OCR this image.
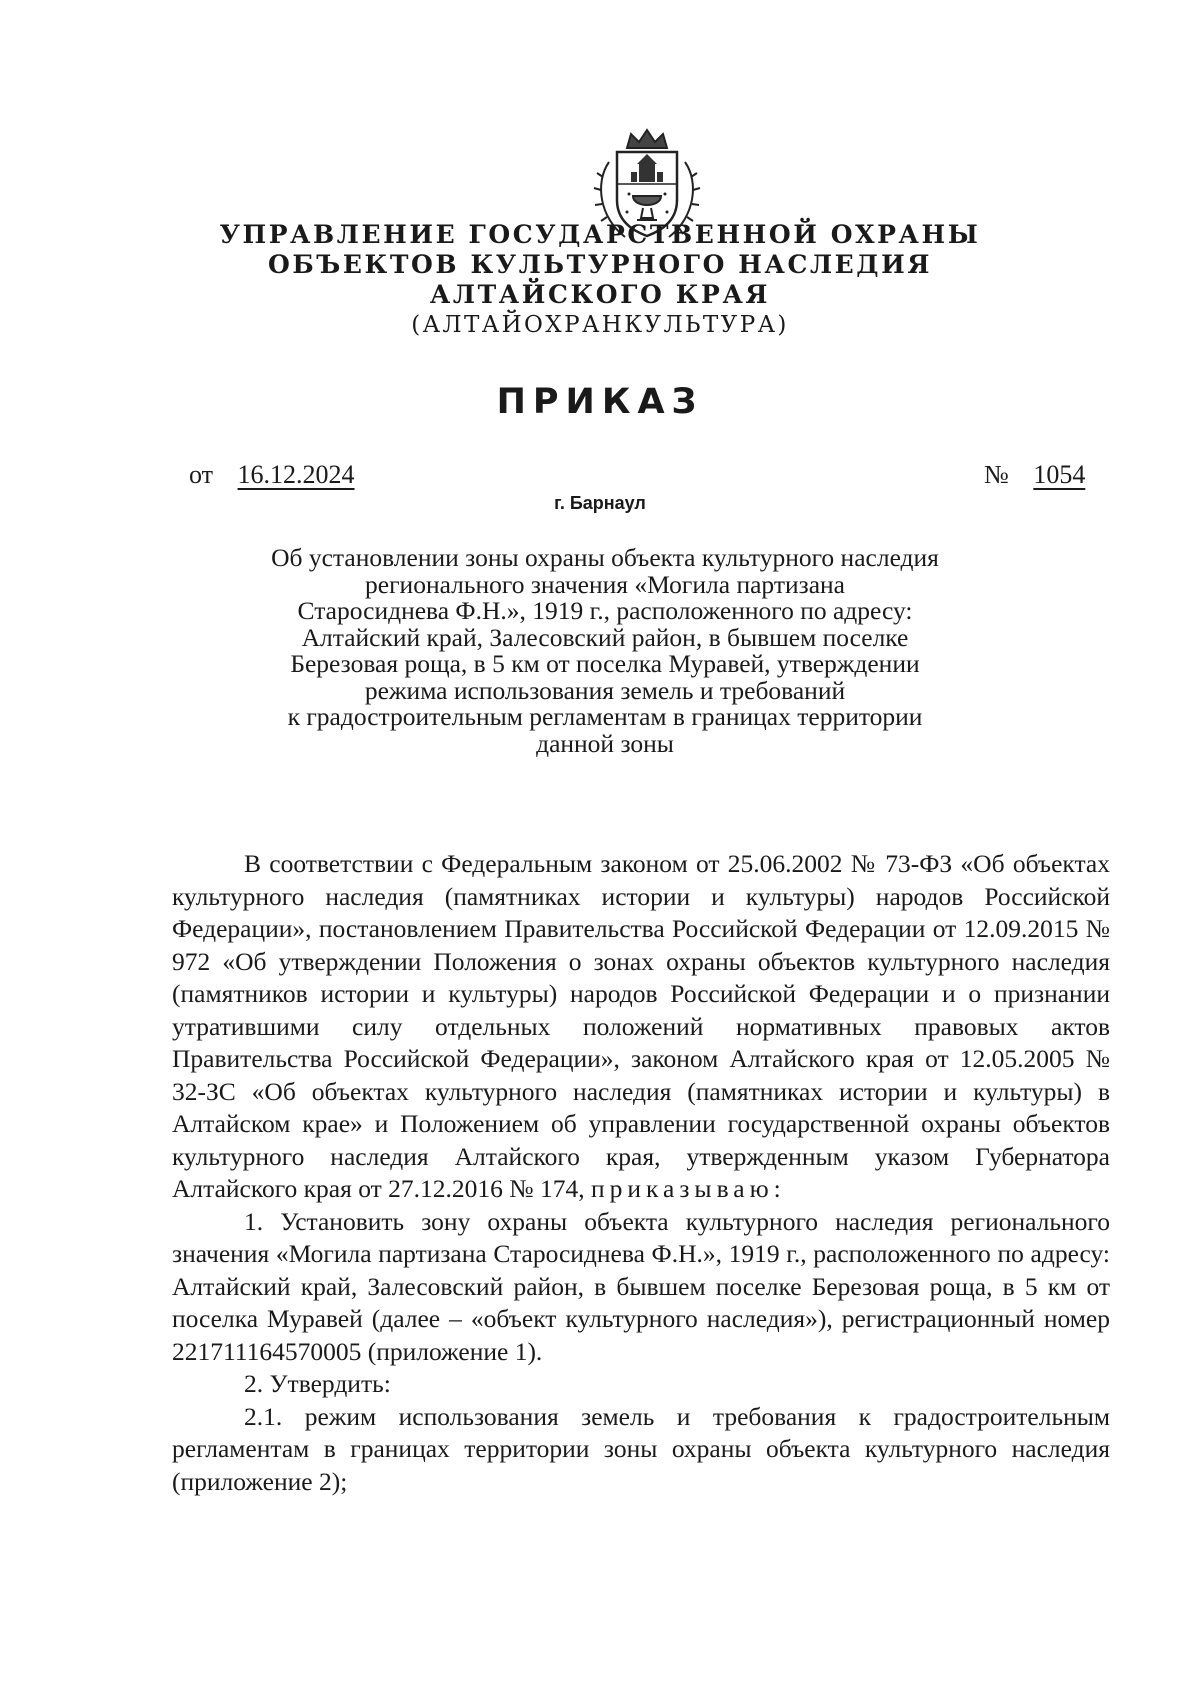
УПРАВЛЕНИЕ ГОСУДАРСТВЕННОЙ ОХРАНЫ
ОБЪЕКТОВ КУЛЬТУРНОГО НАСЛЕДИЯ
АЛТАЙСКОГО КРАЯ
(АЛТАЙОХРАНКУЛЬТУРА)
ПРИКАЗ
от 16.12.2024	№ 1054
г. Барнаул
Об установлении зоны охраны объекта культурного наследия
регионального значения «Могила партизана
Старосиднева Ф.Н.», 1919 г., расположенного по адресу:
Алтайский край, Залесовский район, в бывшем поселке
Березовая роща, в 5 км от поселка Муравей, утверждении
режима использования земель и требований
к градостроительным регламентам в границах территории
данной зоны

В соответствии с Федеральным законом от 25.06.2002 № 73-ФЗ «Об объектах культурного наследия (памятниках истории и культуры) народов Российской Федерации», постановлением Правительства Российской Федерации от 12.09.2015 № 972 «Об утверждении Положения о зонах охраны объектов культурного наследия (памятников истории и культуры) народов Российской Федерации и о признании утратившими силу отдельных положений нормативных правовых актов Правительства Российской Федерации», законом Алтайского края от 12.05.2005 № 32-ЗС «Об объектах культурного наследия (памятниках истории и культуры) в Алтайском крае» и Положением об управлении государственной охраны объектов культурного наследия Алтайского края, утвержденным указом Губернатора Алтайского края от 27.12.2016 № 174, приказываю:

1. Установить зону охраны объекта культурного наследия регионального значения «Могила партизана Старосиднева Ф.Н.», 1919 г., расположенного по адресу: Алтайский край, Залесовский район, в бывшем поселке Березовая роща, в 5 км от поселка Муравей (далее – «объект культурного наследия»), регистрационный номер 221711164570005 (приложение 1).

2. Утвердить:

2.1. режим использования земель и требования к градостроительным регламентам в границах территории зоны охраны объекта культурного наследия (приложение 2);
